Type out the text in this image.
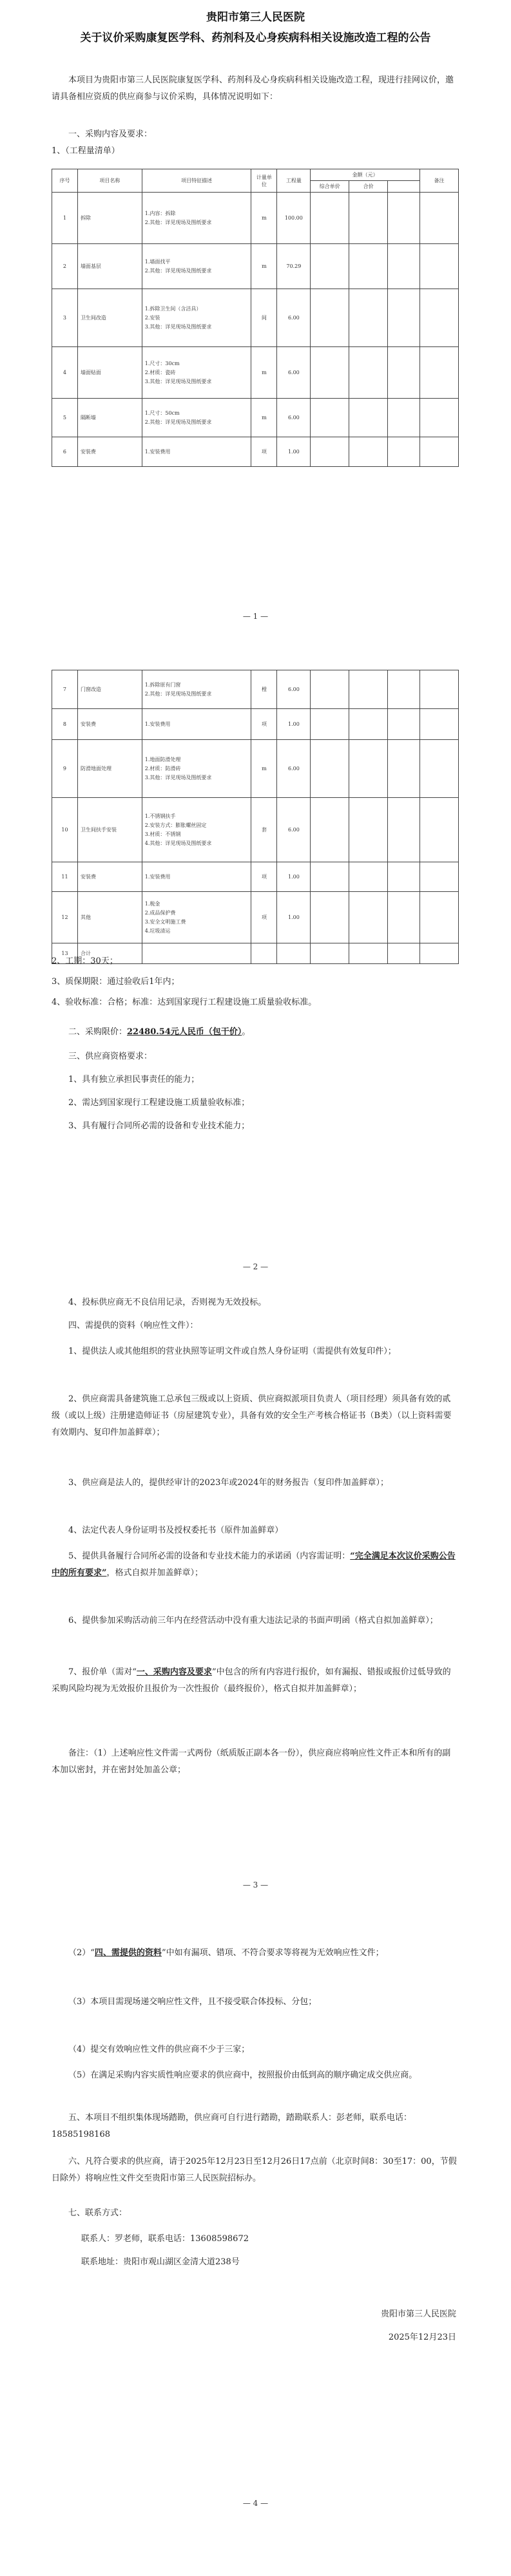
贵阳市第三人民医院
关于议价采购康复医学科、药剂科及心身疾病科相关设施改造工程的公告
本项目为贵阳市第三人民医院康复医学科、药剂科及心身疾病科相关设施改造工程，现进行挂网议价，邀请具备相应资质的供应商参与议价采购，具体情况说明如下：
一、采购内容及要求：
1、（工程量清单）
序号	项目名称	项目特征描述	计量单位	工程量	金额（元）			备注
					综合单价	合价		
1	拆除	1.内容：拆除
2.其他：详见现场及图纸要求	m	100.00				
2	墙面基层	1.墙面找平
2.其他：详见现场及图纸要求	m	70.29				
3	卫生间改造	1.拆除卫生间（含洁具）
2.安装
3.其他：详见现场及图纸要求	间	6.00				
4	墙面贴面	1.尺寸：30cm
2.材质：瓷砖
3.其他：详见现场及图纸要求	m	6.00				
5	隔断墙	1.尺寸：50cm
2.其他：详见现场及图纸要求	m	6.00				
6	安装费	1.安装费用	项	1.00				
— 1 —
7	门窗改造	1.拆除原有门窗
2.其他：详见现场及图纸要求	樘	6.00				
8	安装费	1.安装费用	项	1.00				
9	防滑地面处理	1.地面防滑处理
2.材质：防滑砖
3.其他：详见现场及图纸要求	m	6.00				
10	卫生间扶手安装	1.不锈钢扶手
2.安装方式：膨胀螺丝固定
3.材质：不锈钢
4.其他：详见现场及图纸要求	套	6.00				
11	安装费	1.安装费用	项	1.00				
12	其他	1.税金
2.成品保护费
3.安全文明施工费
4.垃圾清运	项	1.00				
13	合计							
2、工期：30天；
3、质保期限：通过验收后1年内；
4、验收标准：合格；标准：达到国家现行工程建设施工质量验收标准。
二、采购限价：22480.54元人民币（包干价）。
三、供应商资格要求：
1、具有独立承担民事责任的能力；
2、需达到国家现行工程建设施工质量验收标准；
3、具有履行合同所必需的设备和专业技术能力；
— 2 —
4、投标供应商无不良信用记录，否则视为无效投标。
四、需提供的资料（响应性文件）：
1、提供法人或其他组织的营业执照等证明文件或自然人身份证明（需提供有效复印件）；
2、供应商需具备建筑施工总承包三级或以上资质、供应商拟派项目负责人（项目经理）须具备有效的贰级（或以上级）注册建造师证书（房屋建筑专业），具备有效的安全生产考核合格证书（B类）（以上资料需要有效期内、复印件加盖鲜章）；
3、供应商是法人的，提供经审计的2023年或2024年的财务报告（复印件加盖鲜章）；
4、法定代表人身份证明书及授权委托书（原件加盖鲜章）
5、提供具备履行合同所必需的设备和专业技术能力的承诺函（内容需证明：“完全满足本次议价采购公告中的所有要求”，格式自拟并加盖鲜章）；
6、提供参加采购活动前三年内在经营活动中没有重大违法记录的书面声明函（格式自拟加盖鲜章）；
7、报价单（需对“一、采购内容及要求”中包含的所有内容进行报价，如有漏报、错报或报价过低导致的采购风险均视为无效报价且报价为一次性报价（最终报价），格式自拟并加盖鲜章）；
备注：（1）上述响应性文件需一式两份（纸质版正副本各一份），供应商应将响应性文件正本和所有的副本加以密封，并在密封处加盖公章；
— 3 —
（2）“四、需提供的资料”中如有漏项、错项、不符合要求等将视为无效响应性文件；
（3）本项目需现场递交响应性文件，且不接受联合体投标、分包；
（4）提交有效响应性文件的供应商不少于三家；
（5）在满足采购内容实质性响应要求的供应商中，按照报价由低到高的顺序确定成交供应商。
五、本项目不组织集体现场踏勘，供应商可自行进行踏勘，踏勘联系人：彭老师，联系电话：18585198168
六、凡符合要求的供应商，请于2025年12月23日至12月26日17点前（北京时间8：30至17：00，节假日除外）将响应性文件交至贵阳市第三人民医院招标办。
七、联系方式：
联系人：罗老师，联系电话：13608598672
联系地址：贵阳市观山湖区金清大道238号
贵阳市第三人民医院
2025年12月23日
— 4 —
